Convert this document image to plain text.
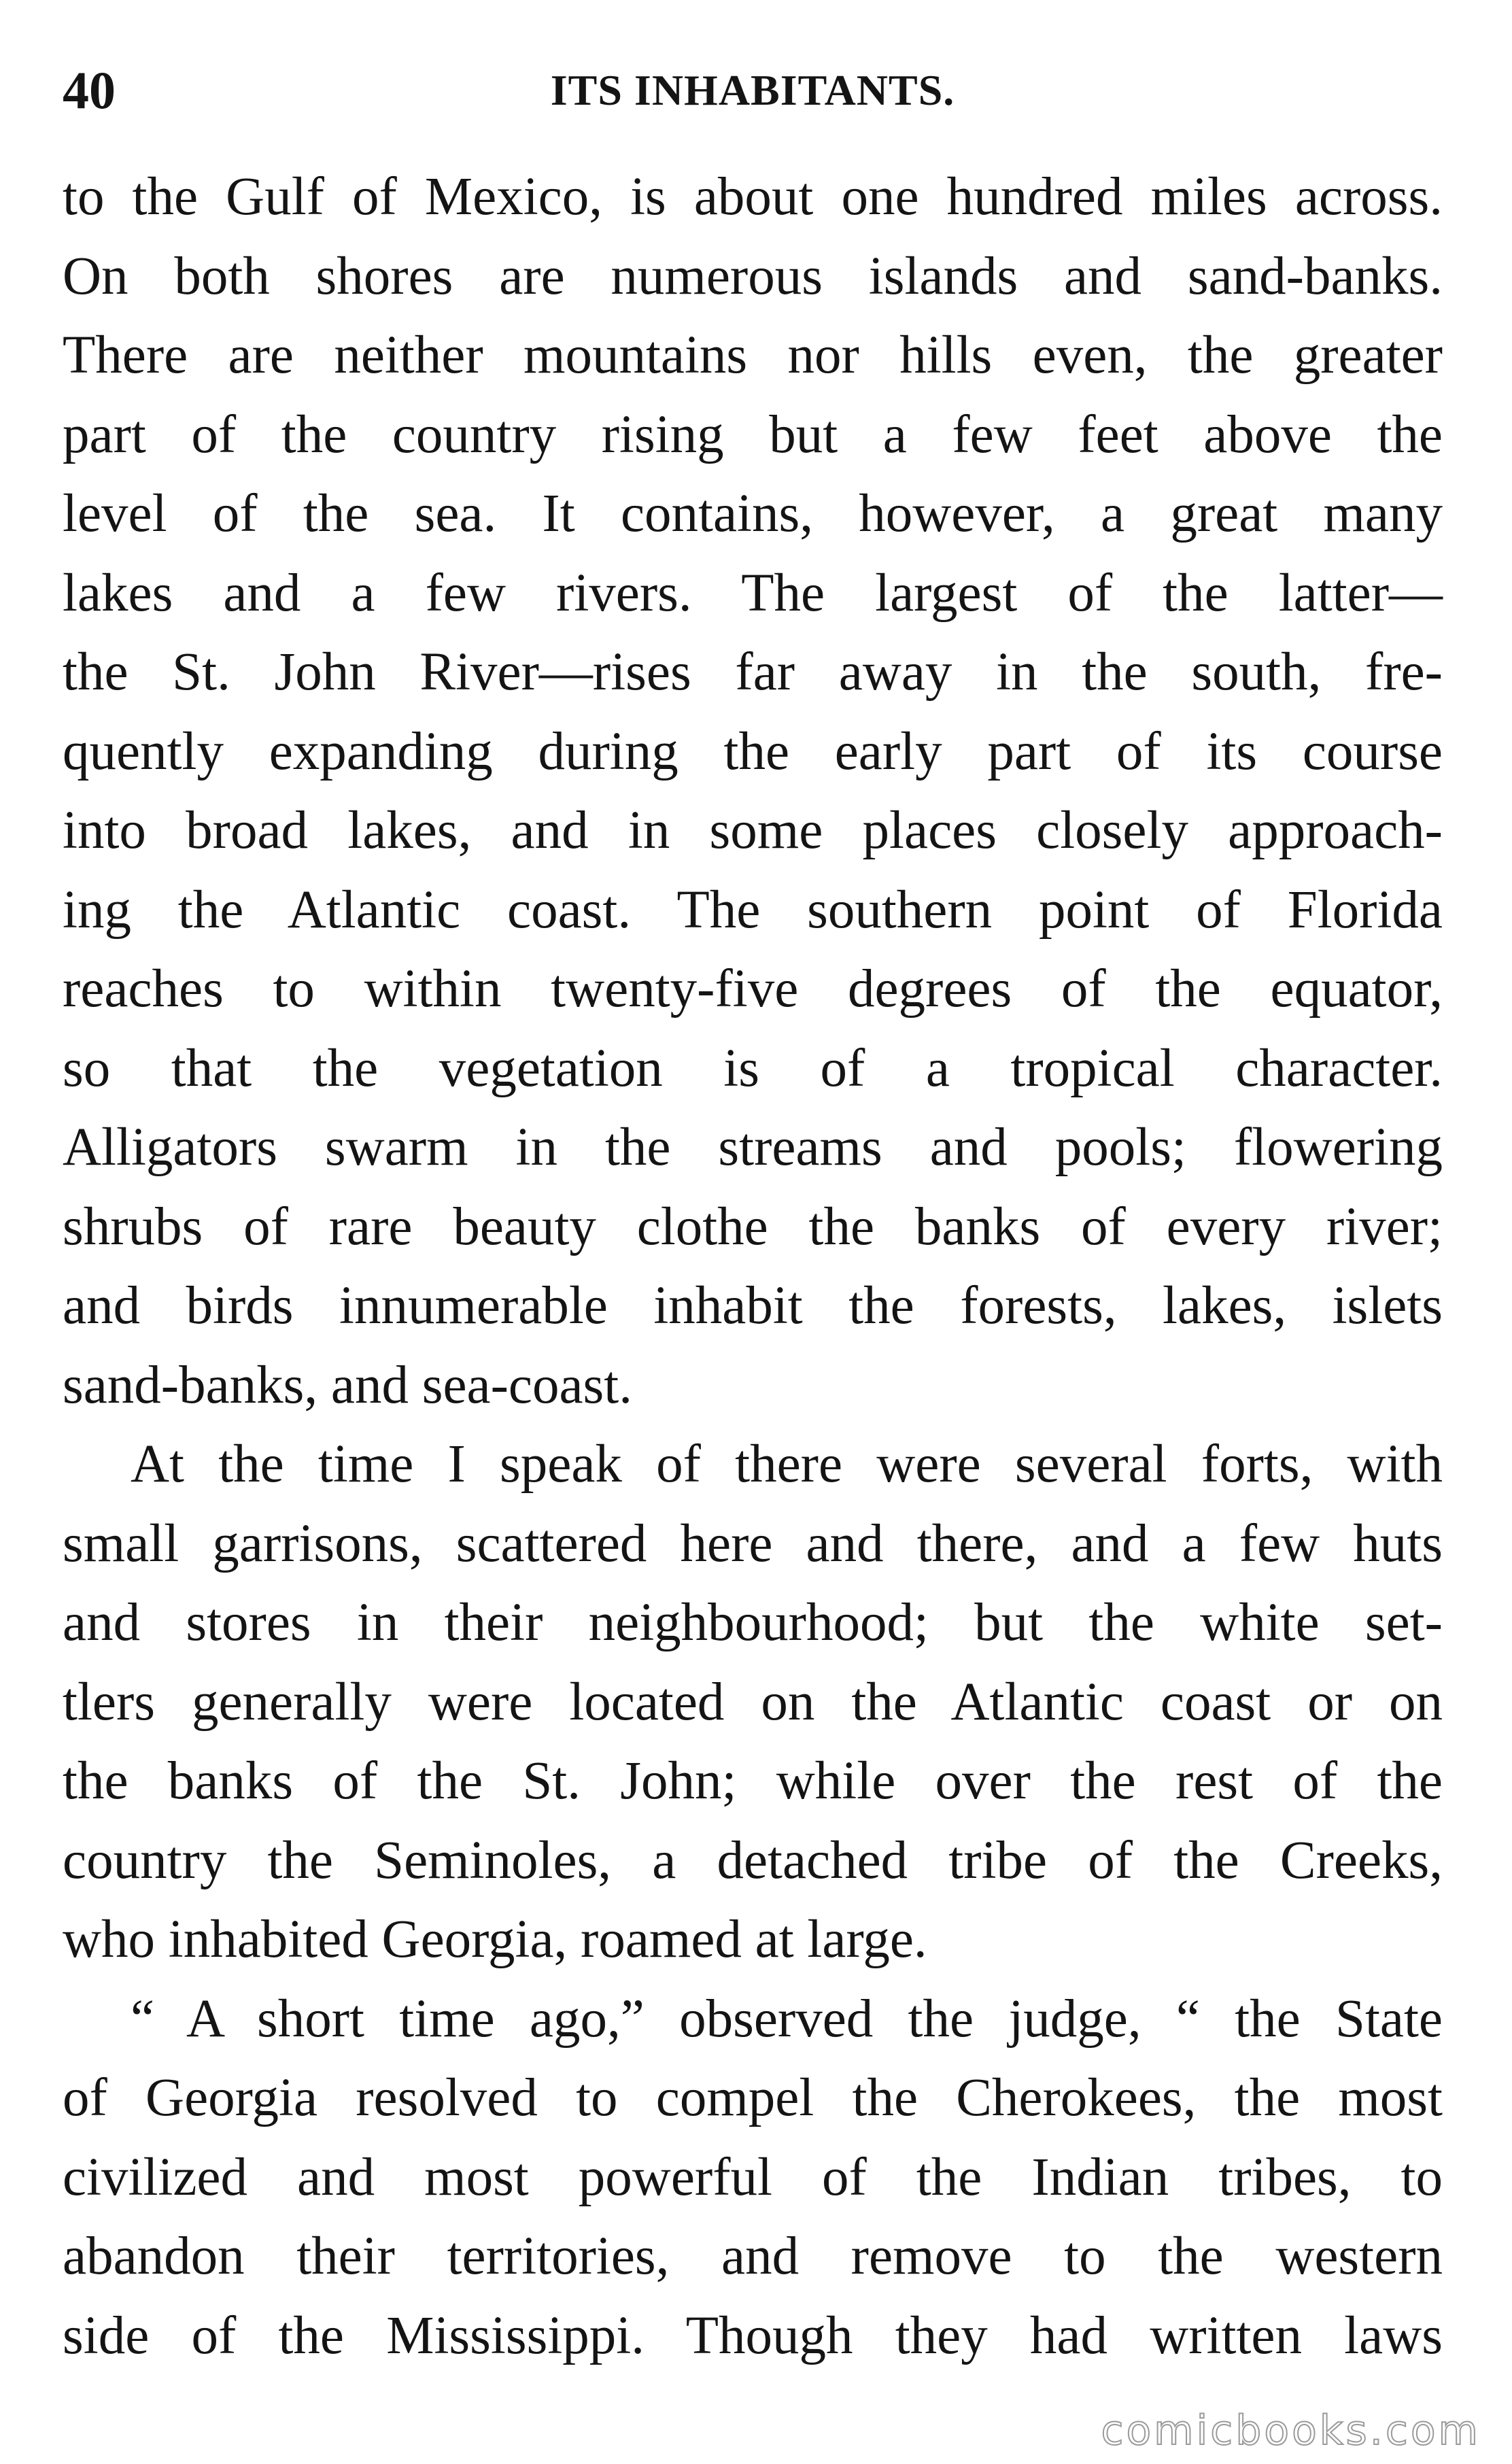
40	ITS INHABITANTS.
to the Gulf of Mexico, is about one hundred miles across.
On both shores are numerous islands and sand-banks.
There are neither mountains nor hills even, the greater
part of the country rising but a few feet above the
level of the sea. It contains, however, a great many
lakes and a few rivers. The largest of the latter—
the St. John River—rises far away in the south, fre-
quently expanding during the early part of its course
into broad lakes, and in some places closely approach-
ing the Atlantic coast. The southern point of Florida
reaches to within twenty-five degrees of the equator,
so that the vegetation is of a tropical character.
Alligators swarm in the streams and pools; flowering
shrubs of rare beauty clothe the banks of every river;
and birds innumerable inhabit the forests, lakes, islets
sand-banks, and sea-coast.
At the time I speak of there were several forts, with
small garrisons, scattered here and there, and a few huts
and stores in their neighbourhood; but the white set-
tlers generally were located on the Atlantic coast or on
the banks of the St. John; while over the rest of the
country the Seminoles, a detached tribe of the Creeks,
who inhabited Georgia, roamed at large.
“ A short time ago,” observed the judge, “ the State
of Georgia resolved to compel the Cherokees, the most
civilized and most powerful of the Indian tribes, to
abandon their territories, and remove to the western
side of the Mississippi. Though they had written laws
comicbooks.com
